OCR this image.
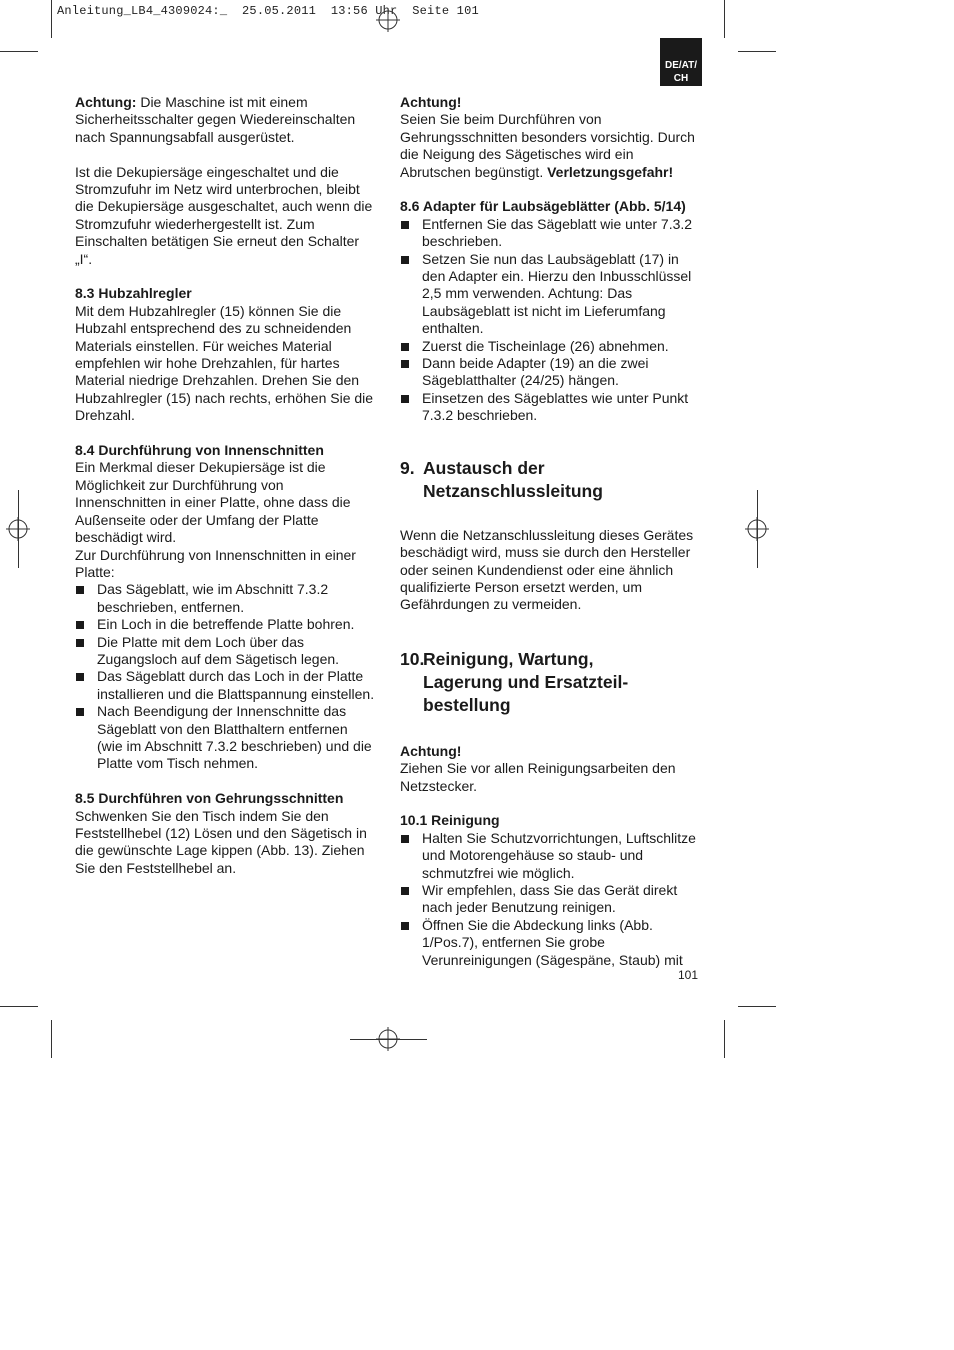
Anleitung_LB4_4309024:_  25.05.2011  13:56 Uhr  Seite 101
DE/AT/
CH

Achtung: Die Maschine ist mit einem Sicherheitsschalter gegen Wiedereinschalten nach Spannungsabfall ausgerüstet.

Ist die Dekupiersäge eingeschaltet und die Stromzufuhr im Netz wird unterbrochen, bleibt die Dekupiersäge ausgeschaltet, auch wenn die Stromzufuhr wiederhergestellt ist. Zum Einschalten betätigen Sie erneut den Schalter „I“.

8.3 Hubzahlregler

Mit dem Hubzahlregler (15) können Sie die Hubzahl entsprechend des zu schneidenden Materials einstellen. Für weiches Material empfehlen wir hohe Drehzahlen, für hartes Material niedrige Drehzahlen. Drehen Sie den Hubzahlregler (15) nach rechts, erhöhen Sie die Drehzahl.

8.4 Durchführung von Innenschnitten

Ein Merkmal dieser Dekupiersäge ist die Möglichkeit zur Durchführung von Innenschnitten in einer Platte, ohne dass die Außenseite oder der Umfang der Platte beschädigt wird.

Zur Durchführung von Innenschnitten in einer Platte:

Das Sägeblatt, wie im Abschnitt 7.3.2 beschrieben, entfernen.
Ein Loch in die betreffende Platte bohren.
Die Platte mit dem Loch über das Zugangsloch auf dem Sägetisch legen.
Das Sägeblatt durch das Loch in der Platte installieren und die Blattspannung einstellen.
Nach Beendigung der Innenschnitte das Sägeblatt von den Blatthaltern entfernen (wie im Abschnitt 7.3.2 beschrieben) und die Platte vom Tisch nehmen.

8.5 Durchführen von Gehrungsschnitten

Schwenken Sie den Tisch indem Sie den Feststellhebel (12) Lösen und den Sägetisch in die gewünschte Lage kippen (Abb. 13). Ziehen Sie den Feststellhebel an.

Achtung!

Seien Sie beim Durchführen von Gehrungsschnitten besonders vorsichtig. Durch die Neigung des Sägetisches wird ein Abrutschen begünstigt. Verletzungsgefahr!

8.6 Adapter für Laubsägeblätter (Abb. 5/14)

Entfernen Sie das Sägeblatt wie unter 7.3.2 beschrieben.
Setzen Sie nun das Laubsägeblatt (17) in den Adapter ein. Hierzu den Inbusschlüssel 2,5 mm verwenden. Achtung: Das Laubsägeblatt ist nicht im Lieferumfang enthalten.
Zuerst die Tischeinlage (26) abnehmen.
Dann beide Adapter (19) an die zwei Sägeblatthalter (24/25) hängen.
Einsetzen des Sägeblattes wie unter Punkt 7.3.2 beschrieben.
9. Austausch der Netzanschlussleitung

Wenn die Netzanschlussleitung dieses Gerätes beschädigt wird, muss sie durch den Hersteller oder seinen Kundendienst oder eine ähnlich qualifizierte Person ersetzt werden, um Gefährdungen zu vermeiden.

10.
Reinigung, Wartung, Lagerung und Ersatzteil- bestellung

Achtung!

Ziehen Sie vor allen Reinigungsarbeiten den Netzstecker.

10.1 Reinigung

Halten Sie Schutzvorrichtungen, Luftschlitze und Motorengehäuse so staub- und schmutzfrei wie möglich.
Wir empfehlen, dass Sie das Gerät direkt nach jeder Benutzung reinigen.
Öffnen Sie die Abdeckung links (Abb. 1/Pos.7), entfernen Sie grobe Verunreinigungen (Sägespäne, Staub) mit
101
